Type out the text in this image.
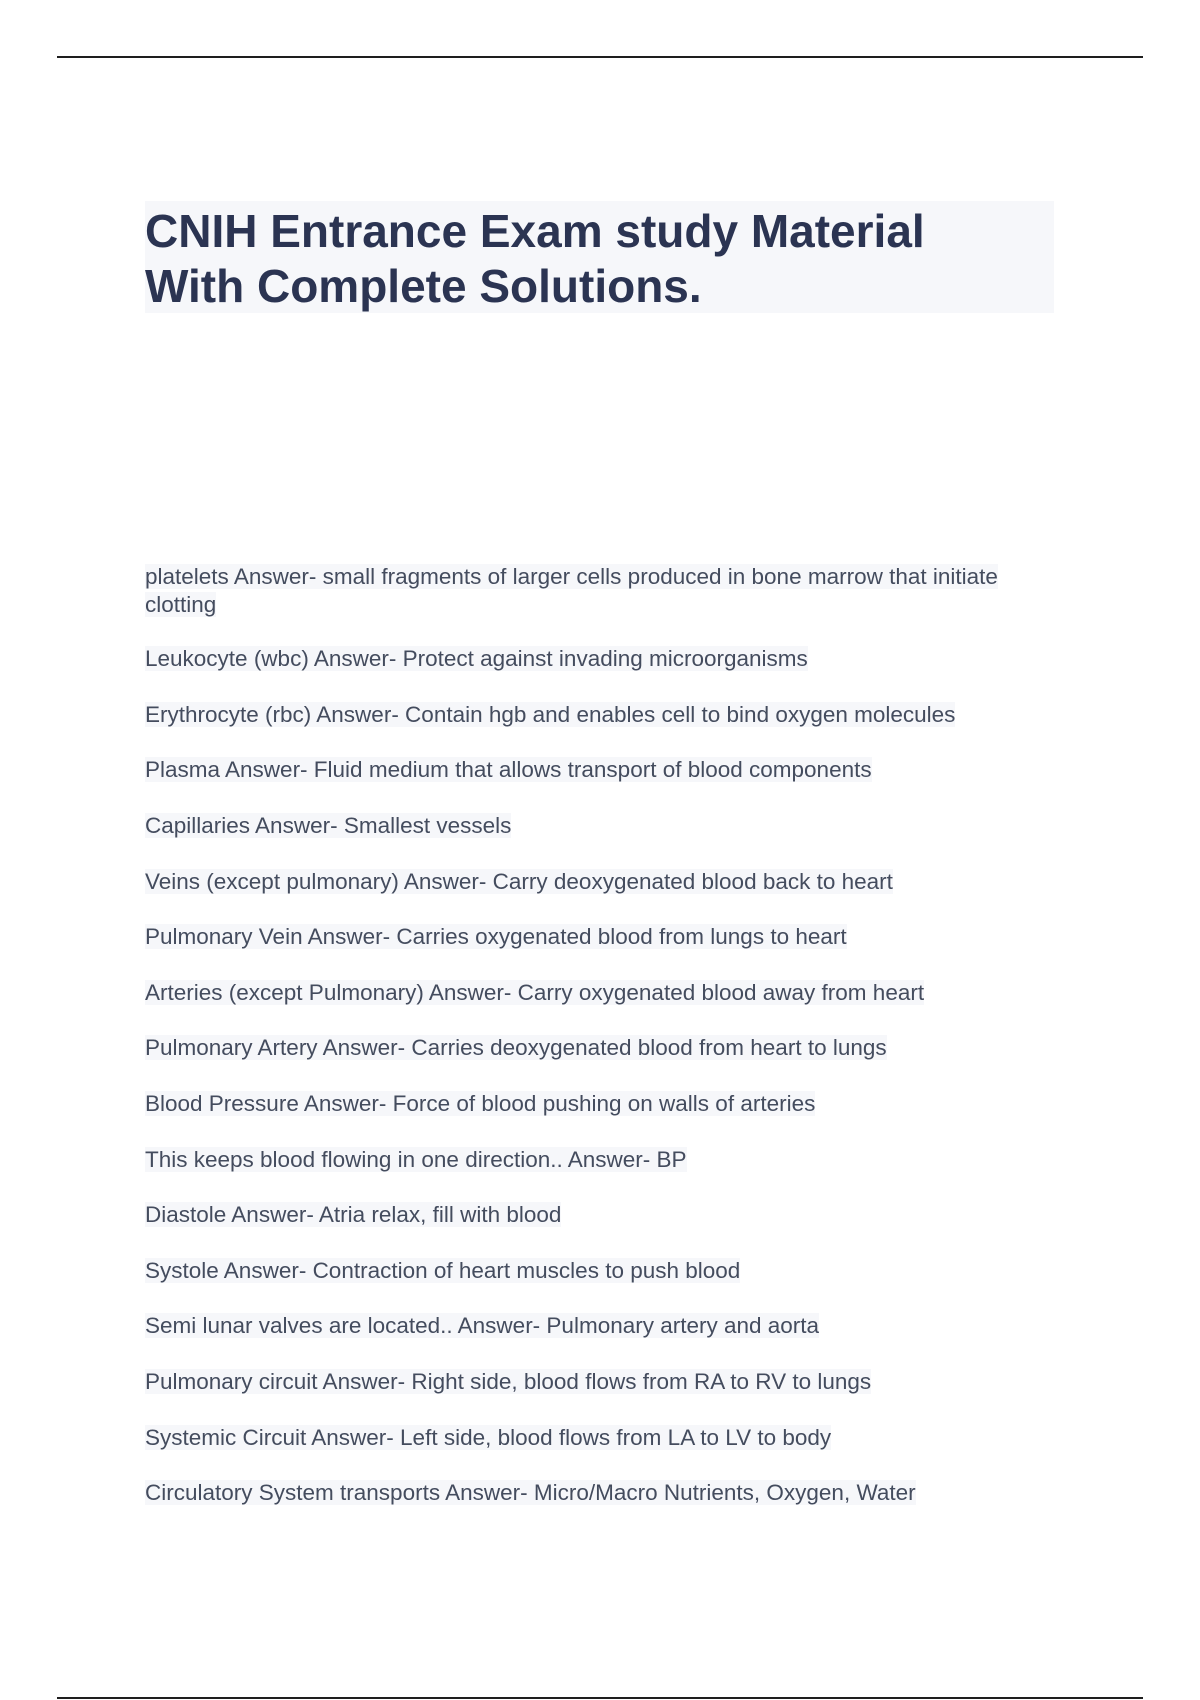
CNIH Entrance Exam study Material
With Complete Solutions.
platelets Answer- small fragments of larger cells produced in bone marrow that initiate clotting
Leukocyte (wbc) Answer- Protect against invading microorganisms
Erythrocyte (rbc) Answer- Contain hgb and enables cell to bind oxygen molecules
Plasma Answer- Fluid medium that allows transport of blood components
Capillaries Answer- Smallest vessels
Veins (except pulmonary) Answer- Carry deoxygenated blood back to heart
Pulmonary Vein Answer- Carries oxygenated blood from lungs to heart
Arteries (except Pulmonary) Answer- Carry oxygenated blood away from heart
Pulmonary Artery Answer- Carries deoxygenated blood from heart to lungs
Blood Pressure Answer- Force of blood pushing on walls of arteries
This keeps blood flowing in one direction.. Answer- BP
Diastole Answer- Atria relax, fill with blood
Systole Answer- Contraction of heart muscles to push blood
Semi lunar valves are located.. Answer- Pulmonary artery and aorta
Pulmonary circuit Answer- Right side, blood flows from RA to RV to lungs
Systemic Circuit Answer- Left side, blood flows from LA to LV to body
Circulatory System transports Answer- Micro/Macro Nutrients, Oxygen, Water
